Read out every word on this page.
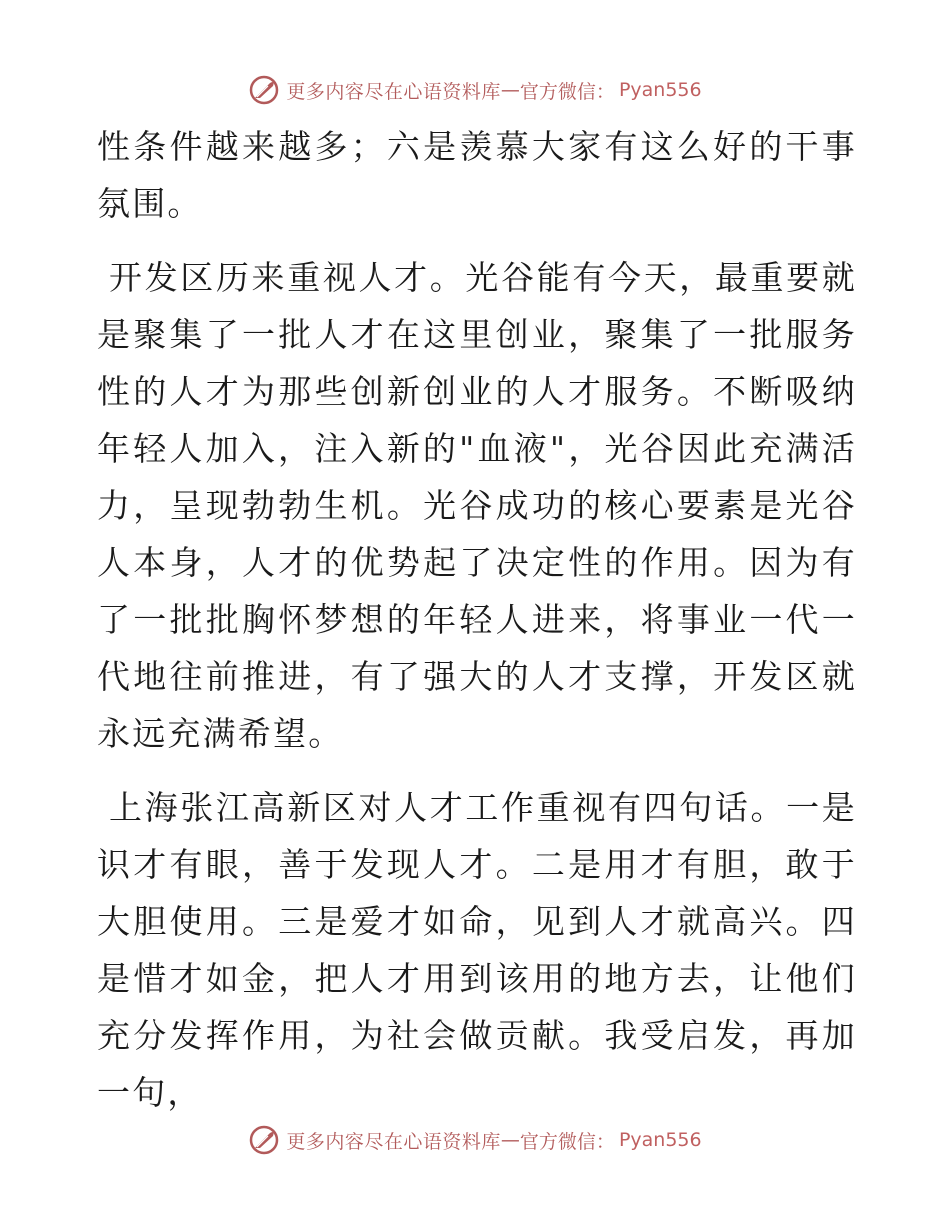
更多内容尽在心语资料库 — 官方微信： Pyan556

性条件越来越多；六是羡慕大家有这么好的干事氛围。

开发区历来重视人才。光谷能有今天，最重要就是聚集了一批人才在这里创业，聚集了一批服务性的人才为那些创新创业的人才服务。不断吸纳年轻人加入，注入新的"血液"，光谷因此充满活力，呈现勃勃生机。光谷成功的核心要素是光谷人本身，人才的优势起了决定性的作用。因为有了一批批胸怀梦想的年轻人进来，将事业一代一代地往前推进，有了强大的人才支撑，开发区就永远充满希望。

上海张江高新区对人才工作重视有四句话。一是识才有眼，善于发现人才。二是用才有胆，敢于大胆使用。三是爱才如命，见到人才就高兴。四是惜才如金，把人才用到该用的地方去，让他们充分发挥作用，为社会做贡献。我受启发，再加一句，

更多内容尽在心语资料库 — 官方微信： Pyan556
